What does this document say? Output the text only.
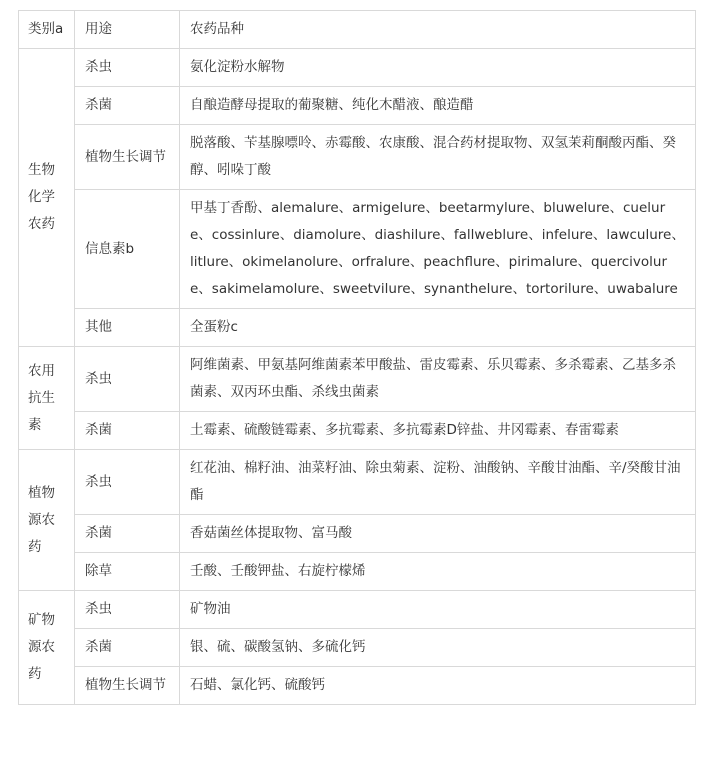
类别a	用途	农药品种
生物化学农药	杀虫	氨化淀粉水解物
	杀菌	自酿造酵母提取的葡聚糖、纯化木醋液、酿造醋
	植物生长调节	脱落酸、苄基腺嘌呤、赤霉酸、农康酸、混合药材提取物、双氢茉莉酮酸丙酯、癸醇、吲哚丁酸
	信息素b	甲基丁香酚、alemalure、armigelure、beetarmylure、bluwelure、cuelure、cossinlure、diamolure、diashilure、fallweblure、infelure、lawculure、litlure、okimelanolure、orfralure、peachflure、pirimalure、quercivolure、sakimelamolure、sweetvilure、synanthelure、tortorilure、uwabalure
	其他	全蛋粉c
农用抗生素	杀虫	阿维菌素、甲氨基阿维菌素苯甲酸盐、雷皮霉素、乐贝霉素、多杀霉素、乙基多杀菌素、双丙环虫酯、杀线虫菌素
	杀菌	土霉素、硫酸链霉素、多抗霉素、多抗霉素D锌盐、井冈霉素、春雷霉素
植物源农药	杀虫	红花油、棉籽油、油菜籽油、除虫菊素、淀粉、油酸钠、辛酸甘油酯、辛/癸酸甘油酯
	杀菌	香菇菌丝体提取物、富马酸
	除草	壬酸、壬酸钾盐、右旋柠檬烯
矿物源农药	杀虫	矿物油
	杀菌	银、硫、碳酸氢钠、多硫化钙
	植物生长调节	石蜡、氯化钙、硫酸钙
